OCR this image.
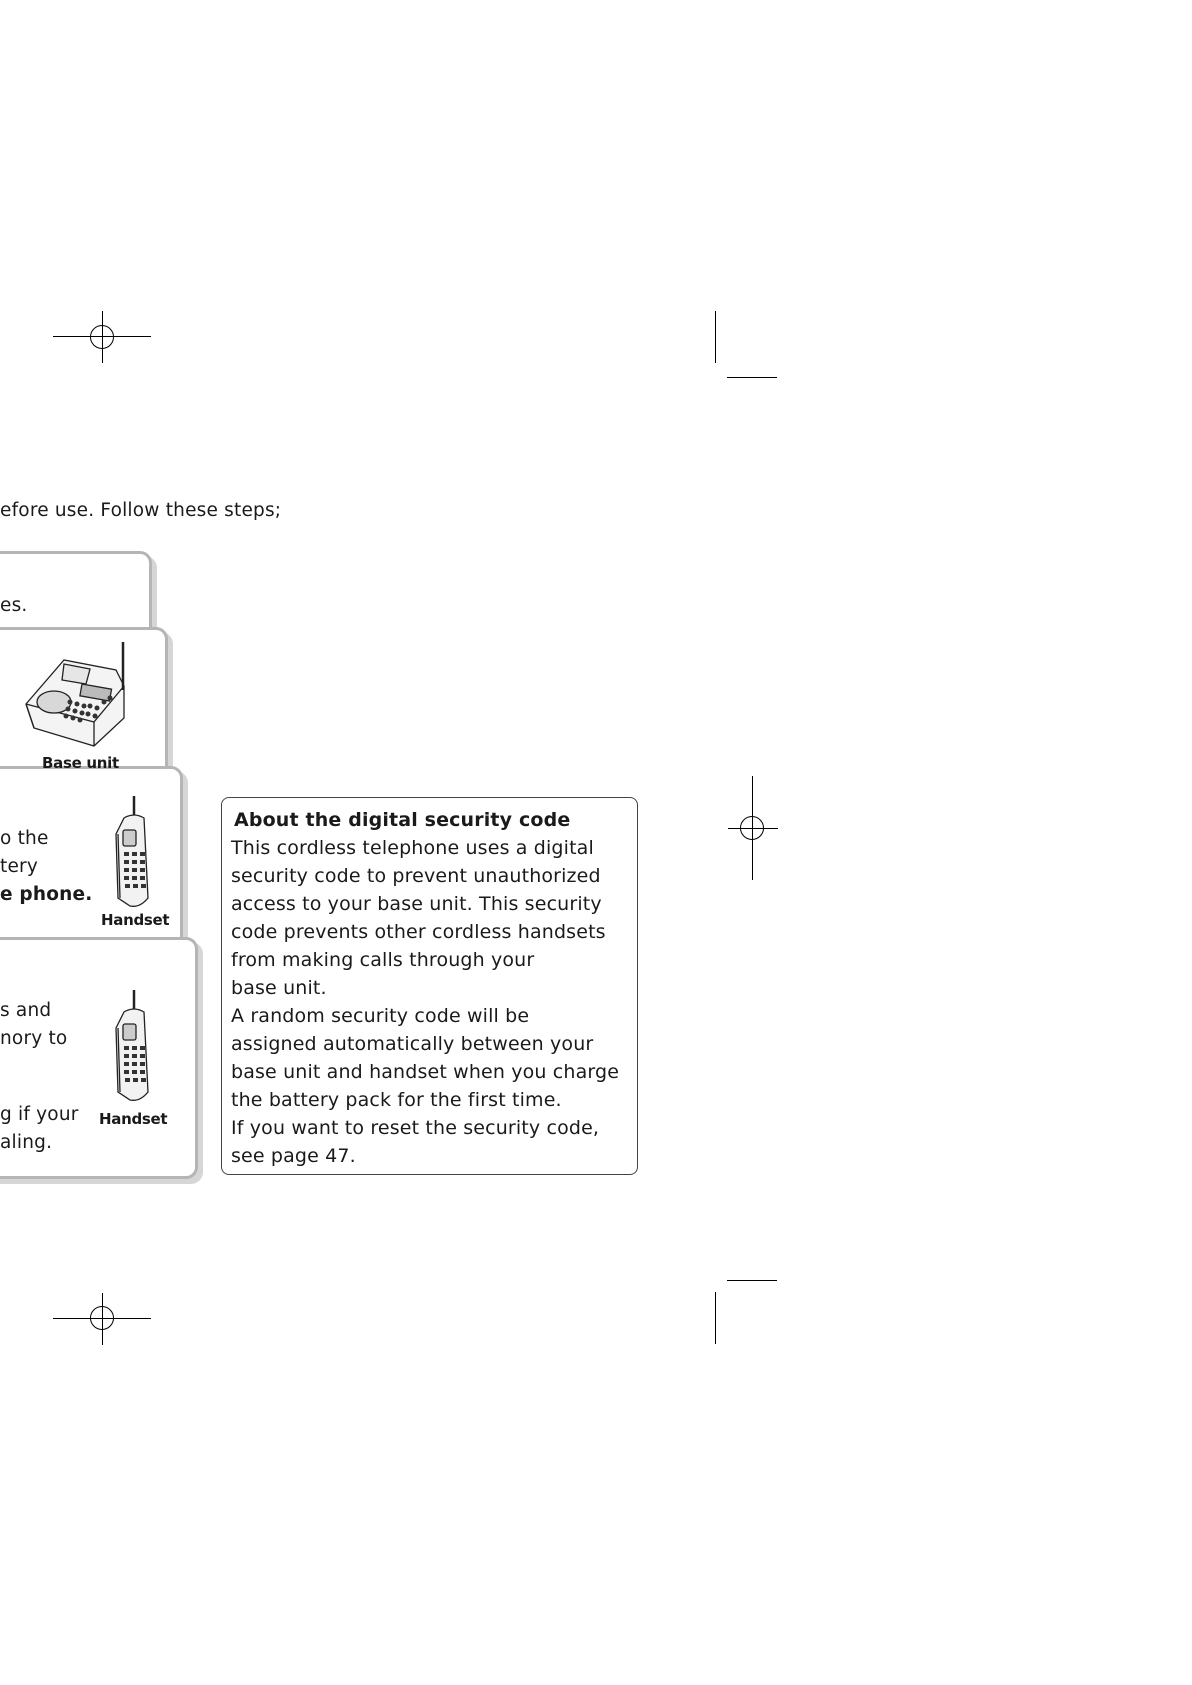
efore use. Follow these steps;
es.
Base unit
o the
tery
e phone.
Handset
s and
nory to
g if your
aling.
Handset
About the digital security code
This cordless telephone uses a digital
security code to prevent unauthorized
access to your base unit. This security
code prevents other cordless handsets
from making calls through your
base unit.
A random security code will be
assigned automatically between your
base unit and handset when you charge
the battery pack for the first time.
If you want to reset the security code,
see page 47.
